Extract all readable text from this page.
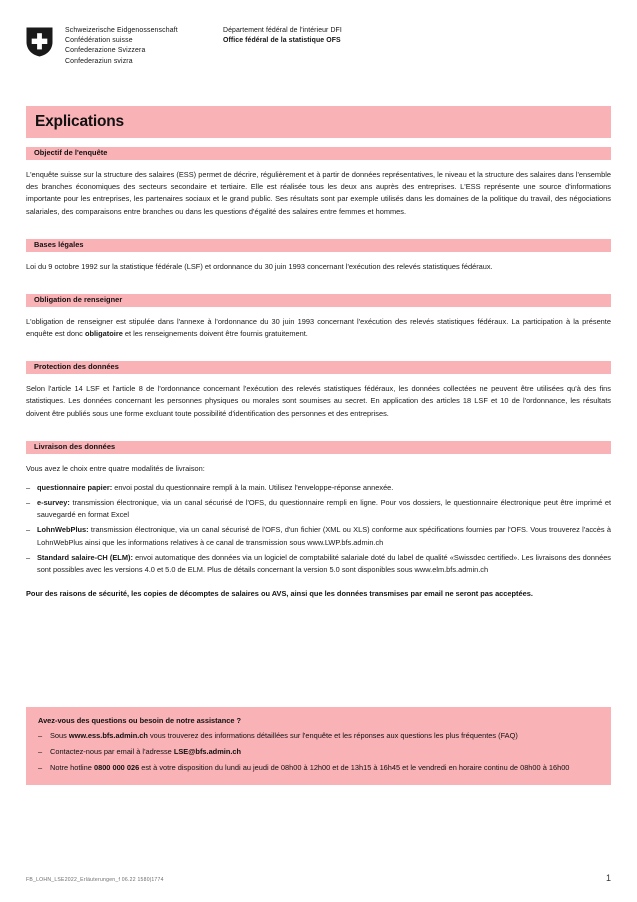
Schweizerische Eidgenossenschaft
Confédération suisse
Confederazione Svizzera
Confederaziun svizra
Département fédéral de l'intérieur DFI
Office fédéral de la statistique OFS
Explications
Objectif de l'enquête

L'enquête suisse sur la structure des salaires (ESS) permet de décrire, régulièrement et à partir de données représentatives, le niveau et la structure des salaires dans l'ensemble des branches économiques des secteurs secondaire et tertiaire. Elle est réalisée tous les deux ans auprès des entreprises. L'ESS représente une source d'informations importante pour les entreprises, les partenaires sociaux et le grand public. Ses résultats sont par exemple utilisés dans les domaines de la politique du travail, des négociations salariales, des comparaisons entre branches ou dans les questions d'égalité des salaires entre femmes et hommes.

Bases légales

Loi du 9 octobre 1992 sur la statistique fédérale (LSF) et ordonnance du 30 juin 1993 concernant l'exécution des relevés statistiques fédéraux.

Obligation de renseigner

L'obligation de renseigner est stipulée dans l'annexe à l'ordonnance du 30 juin 1993 concernant l'exécution des relevés statistiques fédéraux. La participation à la présente enquête est donc obligatoire et les renseignements doivent être fournis gratuitement.

Protection des données

Selon l'article 14 LSF et l'article 8 de l'ordonnance concernant l'exécution des relevés statistiques fédéraux, les données collectées ne peuvent être utilisées qu'à des fins statistiques. Les données concernant les personnes physiques ou morales sont soumises au secret. En application des articles 18 LSF et 10 de l'ordonnance, les résultats doivent être publiés sous une forme excluant toute possibilité d'identification des personnes et des entreprises.

Livraison des données

Vous avez le choix entre quatre modalités de livraison:

– questionnaire papier: envoi postal du questionnaire rempli à la main. Utilisez l'enveloppe-réponse annexée.
– e-survey: transmission électronique, via un canal sécurisé de l'OFS, du questionnaire rempli en ligne. Pour vos dossiers, le questionnaire électronique peut être imprimé et sauvegardé en format Excel
– LohnWebPlus: transmission électronique, via un canal sécurisé de l'OFS, d'un fichier (XML ou XLS) conforme aux spécifications fournies par l'OFS. Vous trouverez l'accès à LohnWebPlus ainsi que les informations relatives à ce canal de transmission sous www.LWP.bfs.admin.ch
– Standard salaire-CH (ELM): envoi automatique des données via un logiciel de comptabilité salariale doté du label de qualité «Swissdec certified». Les livraisons des données sont possibles avec les versions 4.0 et 5.0 de ELM. Plus de détails concernant la version 5.0 sont disponibles sous www.elm.bfs.admin.ch

Pour des raisons de sécurité, les copies de décomptes de salaires ou AVS, ainsi que les données transmises par email ne seront pas acceptées.

Avez-vous des questions ou besoin de notre assistance ?
– Sous www.ess.bfs.admin.ch vous trouverez des informations détaillées sur l'enquête et les réponses aux questions les plus fréquentes (FAQ)
– Contactez-nous par email à l'adresse LSE@bfs.admin.ch
– Notre hotline 0800 000 026 est à votre disposition du lundi au jeudi de 08h00 à 12h00 et de 13h15 à 16h45 et le vendredi en horaire continu de 08h00 à 16h00
FB_LOHN_LSE2022_Erläuterungen_f 06.22 1580|1774	1
